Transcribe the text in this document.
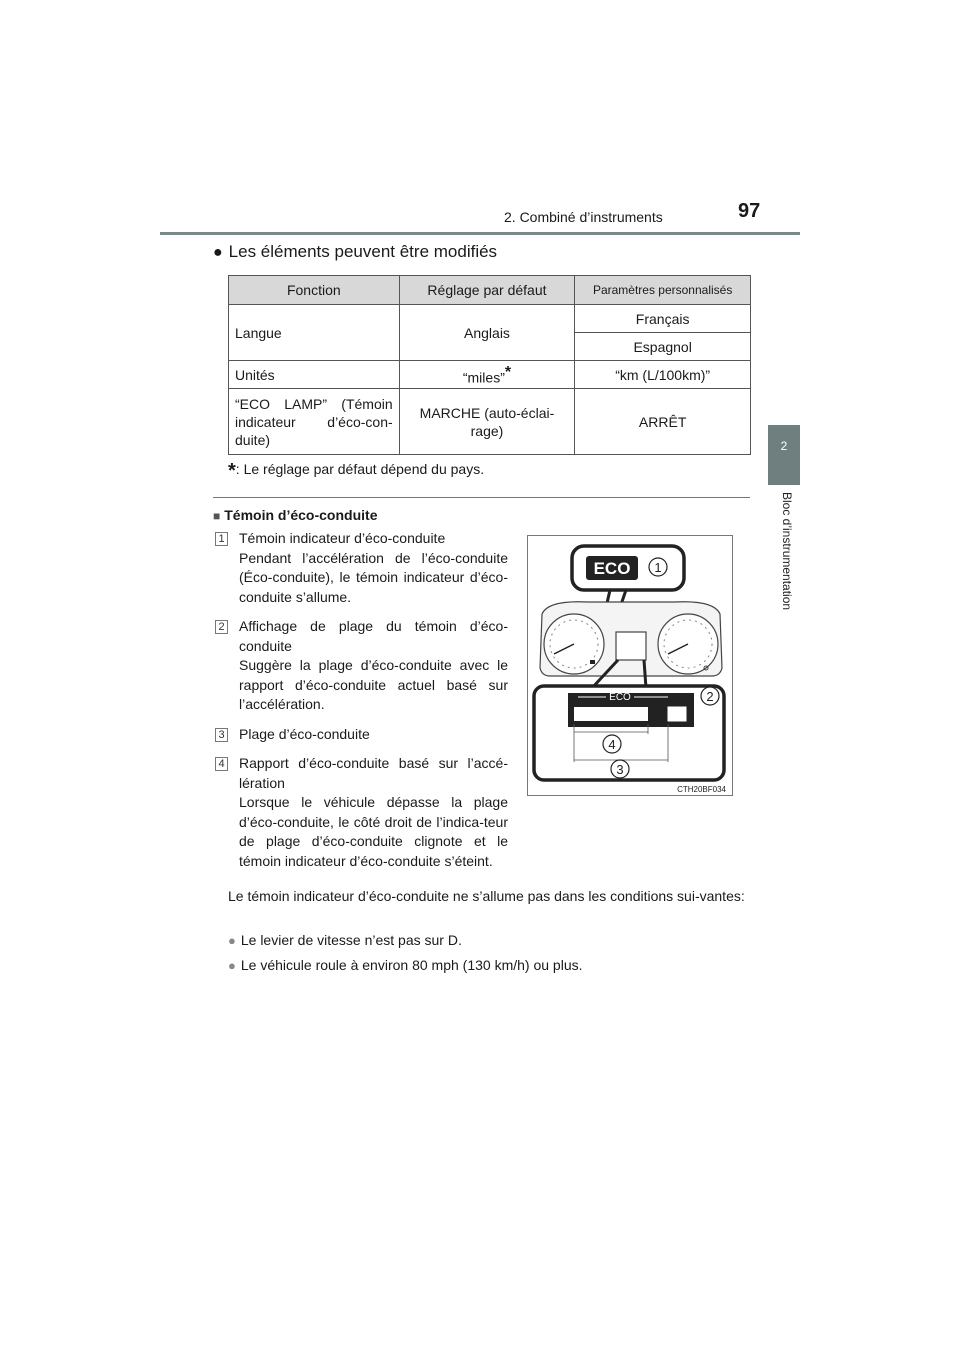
2. Combiné d’instruments	97
2
Bloc d’instrumentation
● Les éléments peuvent être modifiés
Fonction	Réglage par défaut	Paramètres personnalisés
Langue	Anglais	Français
		Espagnol
Unités	“miles”*	“km (L/100km)”
“ECO LAMP” (Témoin indicateur d’éco-con-duite)	MARCHE (auto-éclai-rage)	ARRÊT
*: Le réglage par défaut dépend du pays.
■ Témoin d’éco-conduite
1 Témoin indicateur d’éco-conduite

Pendant l’accélération de l’éco-conduite (Éco-conduite), le témoin indicateur d’éco-conduite s’allume.

2 Affichage de plage du témoin d’éco-conduite

Suggère la plage d’éco-conduite avec le rapport d’éco-conduite actuel basé sur l’accélération.

3 Plage d’éco-conduite

4 Rapport d’éco-conduite basé sur l’accé-lération

Lorsque le véhicule dépasse la plage d’éco-conduite, le côté droit de l’indica-teur de plage d’éco-conduite clignote et le témoin indicateur d’éco-conduite s’éteint.

ECO 1
ECO	2
4
3
CTH20BF034
Le témoin indicateur d’éco-conduite ne s’allume pas dans les conditions sui-vantes:
● Le levier de vitesse n’est pas sur D.
● Le véhicule roule à environ 80 mph (130 km/h) ou plus.
